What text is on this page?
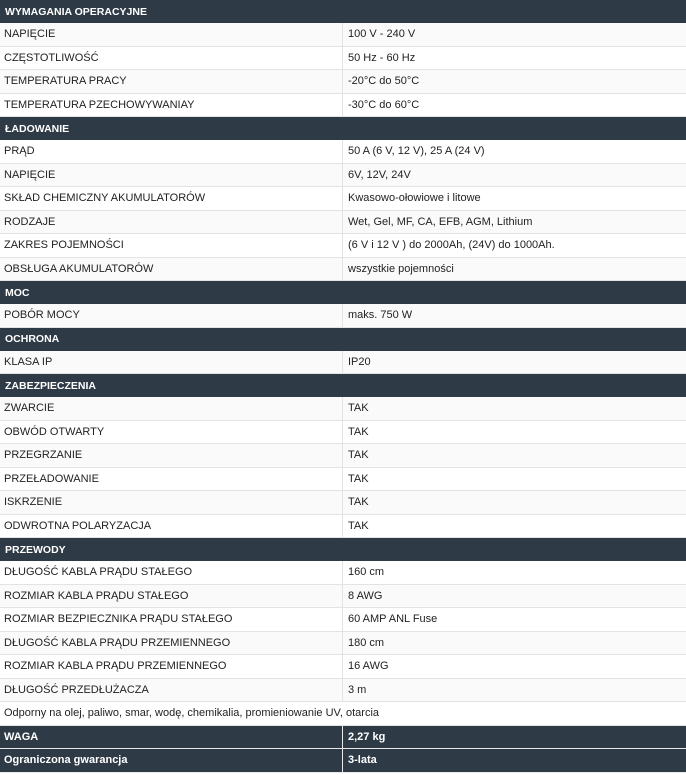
WYMAGANIA OPERACYJNE
NAPIĘCIE	100 V - 240 V
CZĘSTOTLIWOŚĆ	50 Hz - 60 Hz
TEMPERATURA PRACY	-20°C do 50°C
TEMPERATURA PZECHOWYWANIAY	-30°C do 60°C
ŁADOWANIE
PRĄD	50 A (6 V, 12 V), 25 A (24 V)
NAPIĘCIE	6V, 12V, 24V
SKŁAD CHEMICZNY AKUMULATORÓW	Kwasowo-ołowiowe i litowe
RODZAJE	Wet, Gel, MF, CA, EFB, AGM, Lithium
ZAKRES POJEMNOŚCI	(6 V i 12 V ) do 2000Ah, (24V) do 1000Ah.
OBSŁUGA AKUMULATORÓW	wszystkie pojemności
MOC
POBÓR MOCY	maks. 750 W
OCHRONA
KLASA IP	IP20
ZABEZPIECZENIA
ZWARCIE	TAK
OBWÓD OTWARTY	TAK
PRZEGRZANIE	TAK
PRZEŁADOWANIE	TAK
ISKRZENIE	TAK
ODWROTNA POLARYZACJA	TAK
PRZEWODY
DŁUGOŚĆ KABLA PRĄDU STAŁEGO	160 cm
ROZMIAR KABLA PRĄDU STAŁEGO	8 AWG
ROZMIAR BEZPIECZNIKA PRĄDU STAŁEGO	60 AMP ANL Fuse
DŁUGOŚĆ KABLA PRĄDU PRZEMIENNEGO	180 cm
ROZMIAR KABLA PRĄDU PRZEMIENNEGO	16 AWG
DŁUGOŚĆ PRZEDŁUŻACZA	3 m
Odporny na olej, paliwo, smar, wodę, chemikalia, promieniowanie UV, otarcia
WAGA	2,27 kg
Ograniczona gwarancja	3-lata
